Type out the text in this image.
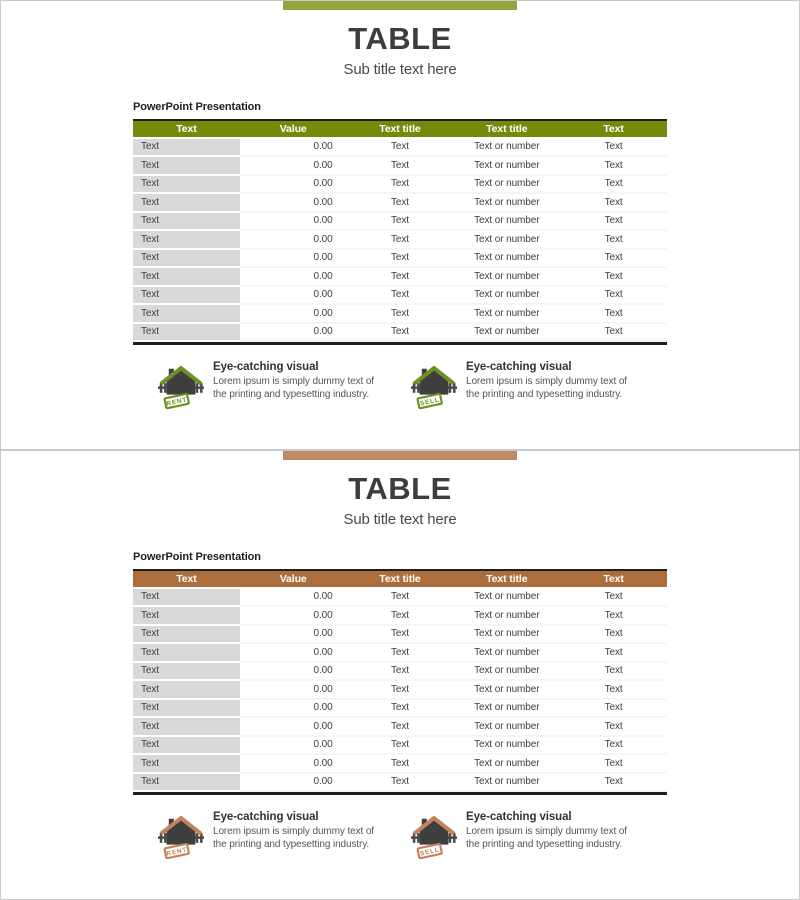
TABLE
Sub title text here
PowerPoint Presentation
Text	Value	Text title	Text title	Text
Text	0.00	Text	Text or number	Text
Text	0.00	Text	Text or number	Text
Text	0.00	Text	Text or number	Text
Text	0.00	Text	Text or number	Text
Text	0.00	Text	Text or number	Text
Text	0.00	Text	Text or number	Text
Text	0.00	Text	Text or number	Text
Text	0.00	Text	Text or number	Text
Text	0.00	Text	Text or number	Text
Text	0.00	Text	Text or number	Text
Text	0.00	Text	Text or number	Text
RENT
Eye-catching visual
Lorem ipsum is simply dummy text of the printing and typesetting industry.
SELL
Eye-catching visual
Lorem ipsum is simply dummy text of the printing and typesetting industry.
TABLE
Sub title text here
PowerPoint Presentation
Text	Value	Text title	Text title	Text
Text	0.00	Text	Text or number	Text
Text	0.00	Text	Text or number	Text
Text	0.00	Text	Text or number	Text
Text	0.00	Text	Text or number	Text
Text	0.00	Text	Text or number	Text
Text	0.00	Text	Text or number	Text
Text	0.00	Text	Text or number	Text
Text	0.00	Text	Text or number	Text
Text	0.00	Text	Text or number	Text
Text	0.00	Text	Text or number	Text
Text	0.00	Text	Text or number	Text
RENT
Eye-catching visual
Lorem ipsum is simply dummy text of the printing and typesetting industry.
SELL
Eye-catching visual
Lorem ipsum is simply dummy text of the printing and typesetting industry.
